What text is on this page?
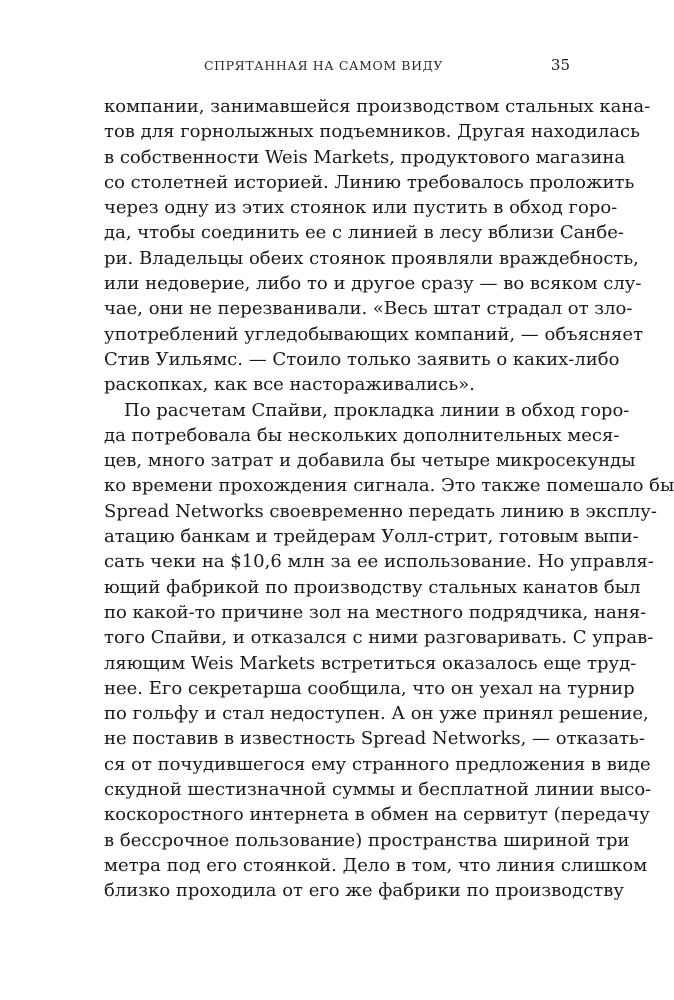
СПРЯТАННАЯ НА САМОМ ВИДУ	35

компании, занимавшейся производством стальных кана-
тов для горнолыжных подъемников. Другая находилась
в собственности Weis Markets, продуктового магазина
со столетней историей. Линию требовалось проложить
через одну из этих стоянок или пустить в обход горо-
да, чтобы соединить ее с линией в лесу вблизи Санбе-
ри. Владельцы обеих стоянок проявляли враждебность,
или недоверие, либо то и другое сразу — во всяком слу-
чае, они не перезванивали. «Весь штат страдал от зло-
употреблений угледобывающих компаний, — объясняет
Стив Уильямс. — Стоило только заявить о каких-либо
раскопках, как все настораживались».

По расчетам Спайви, прокладка линии в обход горо-
да потребовала бы нескольких дополнительных меся-
цев, много затрат и добавила бы четыре микросекунды
ко времени прохождения сигнала. Это также помешало бы
Spread Networks своевременно передать линию в эксплу-
атацию банкам и трейдерам Уолл-стрит, готовым выпи-
сать чеки на $10,6 млн за ее использование. Но управля-
ющий фабрикой по производству стальных канатов был
по какой-то причине зол на местного подрядчика, наня-
того Спайви, и отказался с ними разговаривать. С управ-
ляющим Weis Markets встретиться оказалось еще труд-
нее. Его секретарша сообщила, что он уехал на турнир
по гольфу и стал недоступен. А он уже принял решение,
не поставив в известность Spread Networks, — отказать-
ся от почудившегося ему странного предложения в виде
скудной шестизначной суммы и бесплатной линии высо-
коскоростного интернета в обмен на сервитут (передачу
в бессрочное пользование) пространства шириной три
метра под его стоянкой. Дело в том, что линия слишком
близко проходила от его же фабрики по производству
